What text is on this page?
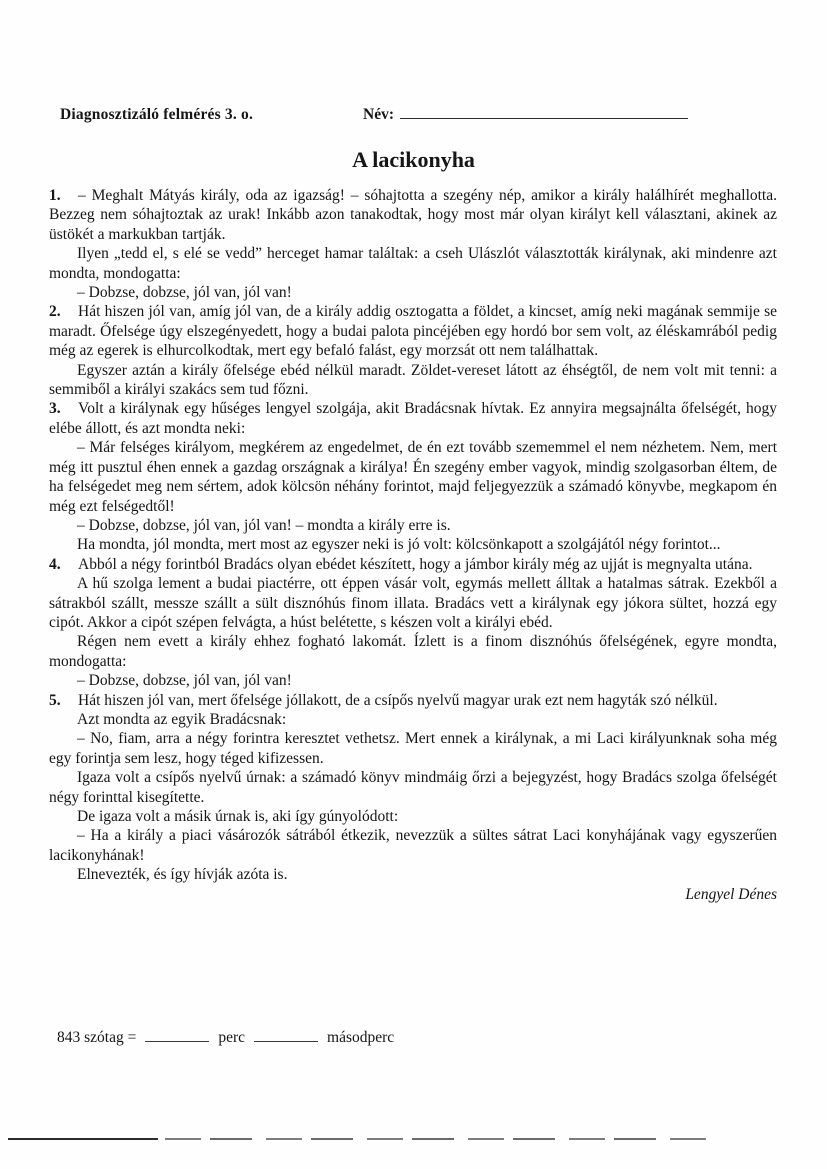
Diagnosztizáló felmérés 3. o.	Név:
A lacikonyha

1. – Meghalt Mátyás király, oda az igazság! – sóhajtotta a szegény nép, amikor a király halálhírét meghallotta. Bezzeg nem sóhajtoztak az urak! Inkább azon tanakodtak, hogy most már olyan királyt kell választani, akinek az üstökét a markukban tartják.

Ilyen „tedd el, s elé se vedd” herceget hamar találtak: a cseh Ulászlót választották királynak, aki mindenre azt mondta, mondogatta:

– Dobzse, dobzse, jól van, jól van!

2. Hát hiszen jól van, amíg jól van, de a király addig osztogatta a földet, a kincset, amíg neki magának semmije se maradt. Őfelsége úgy elszegényedett, hogy a budai palota pincéjében egy hordó bor sem volt, az éléskamrából pedig még az egerek is elhurcolkodtak, mert egy befaló falást, egy morzsát ott nem találhattak.

Egyszer aztán a király őfelsége ebéd nélkül maradt. Zöldet-vereset látott az éhségtől, de nem volt mit tenni: a semmiből a királyi szakács sem tud főzni.

3. Volt a királynak egy hűséges lengyel szolgája, akit Bradácsnak hívtak. Ez annyira megsajnálta őfelségét, hogy elébe állott, és azt mondta neki:

– Már felséges királyom, megkérem az engedelmet, de én ezt tovább szememmel el nem nézhetem. Nem, mert még itt pusztul éhen ennek a gazdag országnak a királya! Én szegény ember vagyok, mindig szolgasorban éltem, de ha felségedet meg nem sértem, adok kölcsön néhány forintot, majd feljegyezzük a számadó könyvbe, megkapom én még ezt felségedtől!

– Dobzse, dobzse, jól van, jól van! – mondta a király erre is.

Ha mondta, jól mondta, mert most az egyszer neki is jó volt: kölcsönkapott a szolgájától négy forintot...

4. Abból a négy forintból Bradács olyan ebédet készített, hogy a jámbor király még az ujját is megnyalta utána.

A hű szolga lement a budai piactérre, ott éppen vásár volt, egymás mellett álltak a hatalmas sátrak. Ezekből a sátrakból szállt, messze szállt a sült disznóhús finom illata. Bradács vett a királynak egy jókora sültet, hozzá egy cipót. Akkor a cipót szépen felvágta, a húst belétette, s készen volt a királyi ebéd.

Régen nem evett a király ehhez fogható lakomát. Ízlett is a finom disznóhús őfelségének, egyre mondta, mondogatta:

– Dobzse, dobzse, jól van, jól van!

5. Hát hiszen jól van, mert őfelsége jóllakott, de a csípős nyelvű magyar urak ezt nem hagyták szó nélkül.

Azt mondta az egyik Bradácsnak:

– No, fiam, arra a négy forintra keresztet vethetsz. Mert ennek a királynak, a mi Laci királyunknak soha még egy forintja sem lesz, hogy téged kifizessen.

Igaza volt a csípős nyelvű úrnak: a számadó könyv mindmáig őrzi a bejegyzést, hogy Bradács szolga őfelségét négy forinttal kisegítette.

De igaza volt a másik úrnak is, aki így gúnyolódott:

– Ha a király a piaci vásározók sátrából étkezik, nevezzük a sültes sátrat Laci konyhájának vagy egyszerűen lacikonyhának!

Elnevezték, és így hívják azóta is.

Lengyel Dénes

843 szótag =	perc	másodperc
